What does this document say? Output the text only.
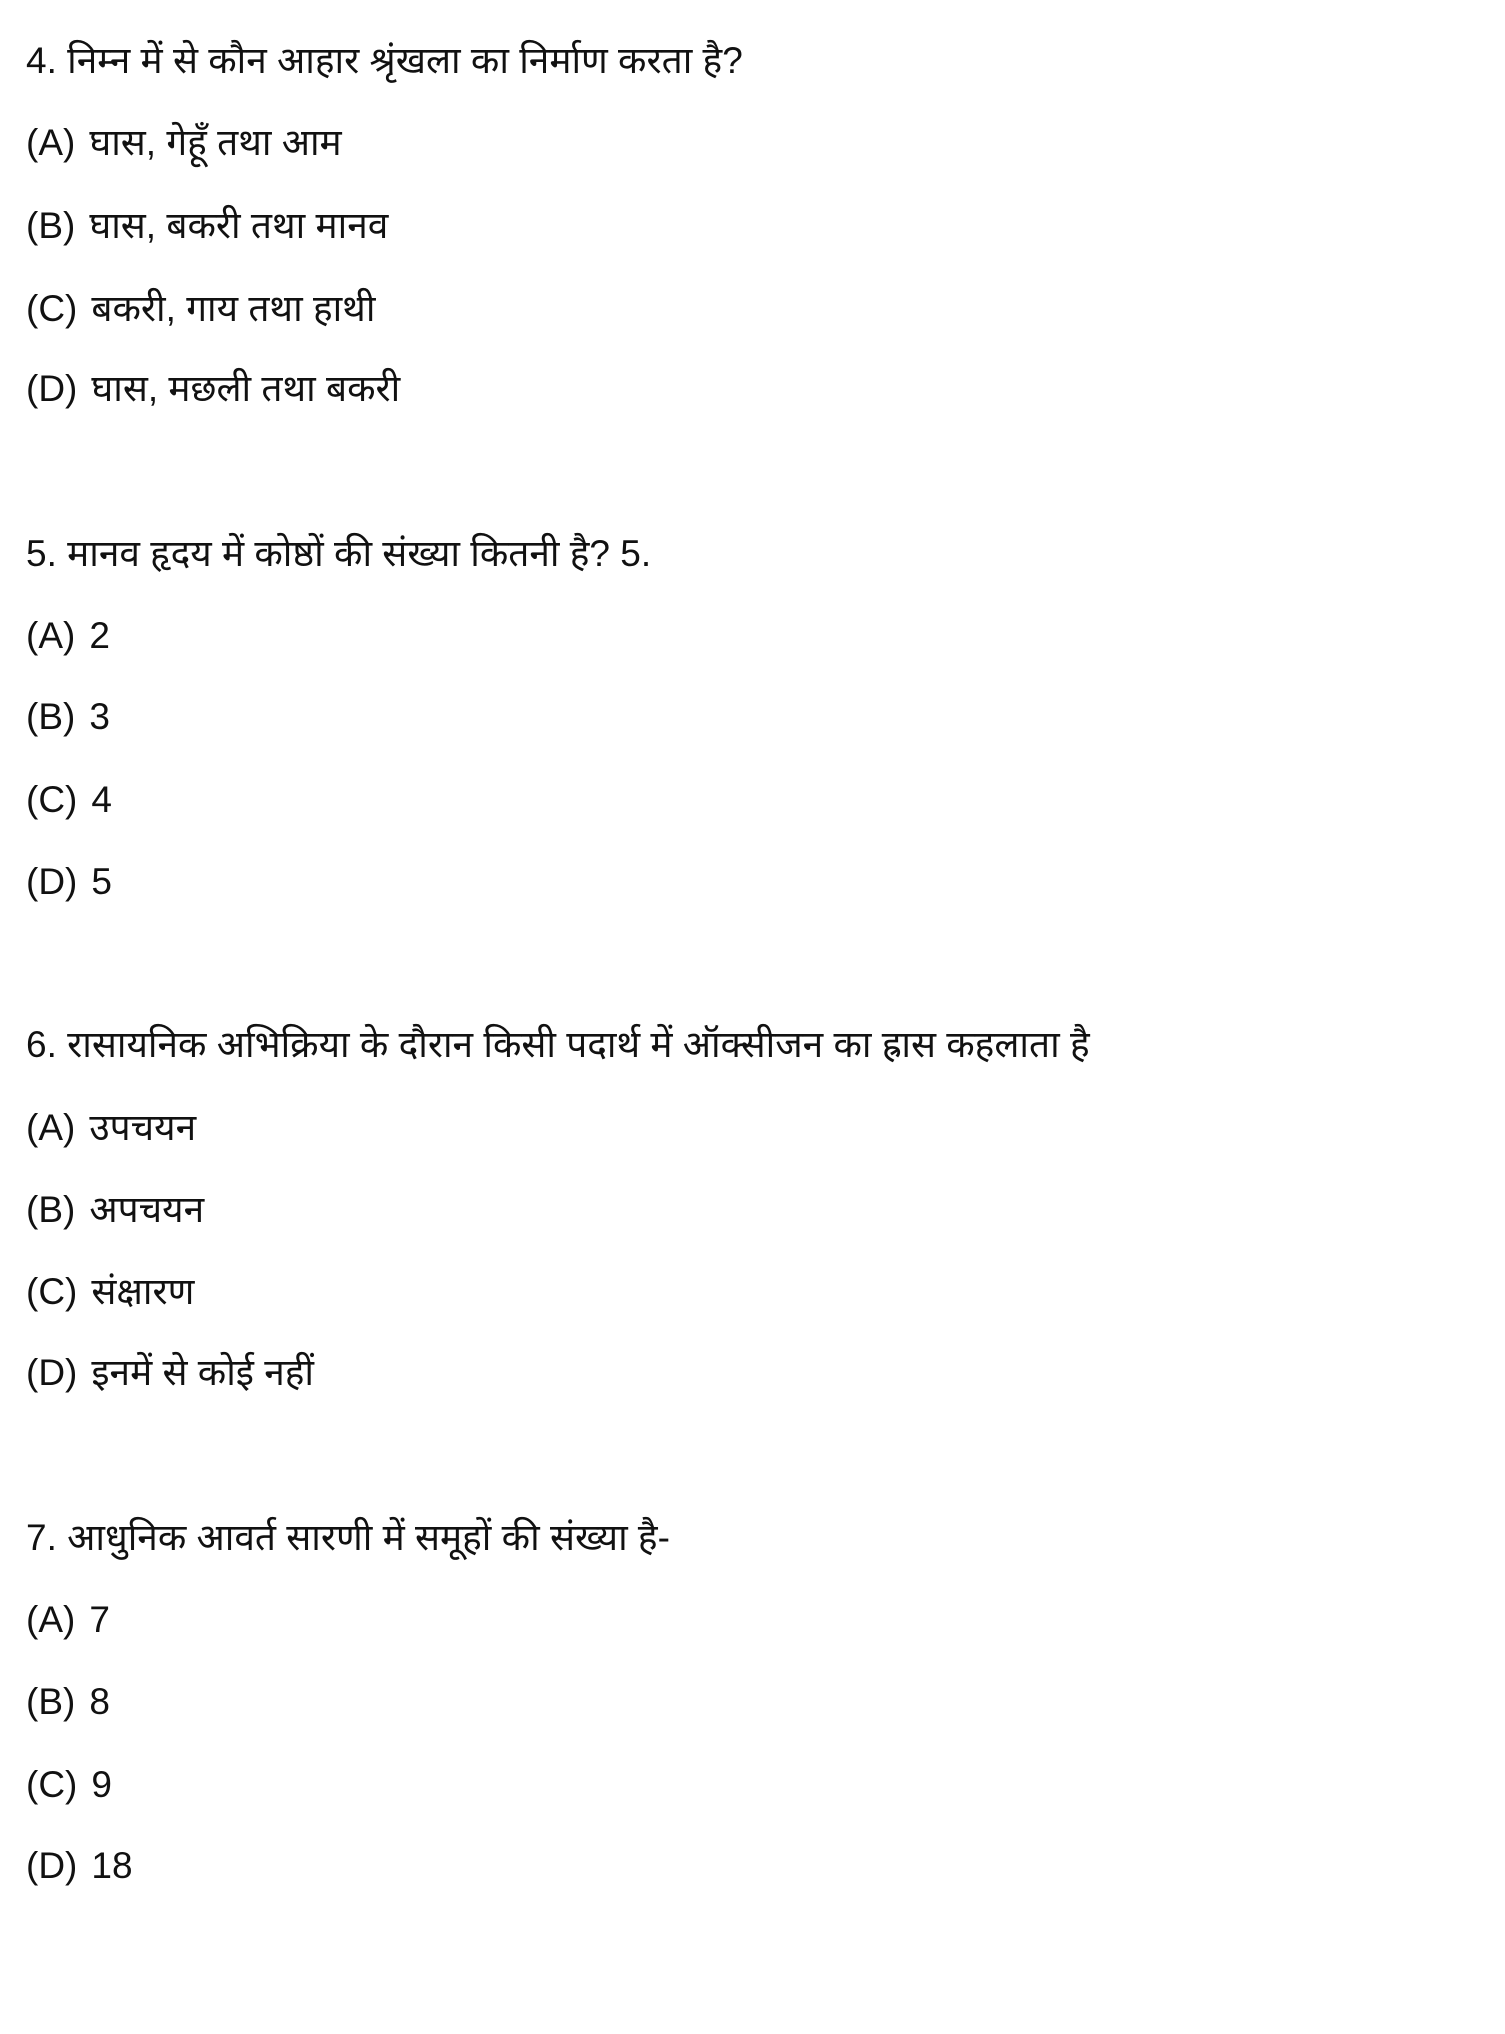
4. निम्न में से कौन आहार श्रृंखला का निर्माण करता है?
(A) घास, गेहूँ तथा आम
(B) घास, बकरी तथा मानव
(C) बकरी, गाय तथा हाथी
(D) घास, मछली तथा बकरी
5. मानव हृदय में कोष्ठों की संख्या कितनी है? 5.
(A) 2
(B) 3
(C) 4
(D) 5
6. रासायनिक अभिक्रिया के दौरान किसी पदार्थ में ऑक्सीजन का ह्रास कहलाता है
(A) उपचयन
(B) अपचयन
(C) संक्षारण
(D) इनमें से कोई नहीं
7. आधुनिक आवर्त सारणी में समूहों की संख्या है-
(A) 7
(B) 8
(C) 9
(D) 18
